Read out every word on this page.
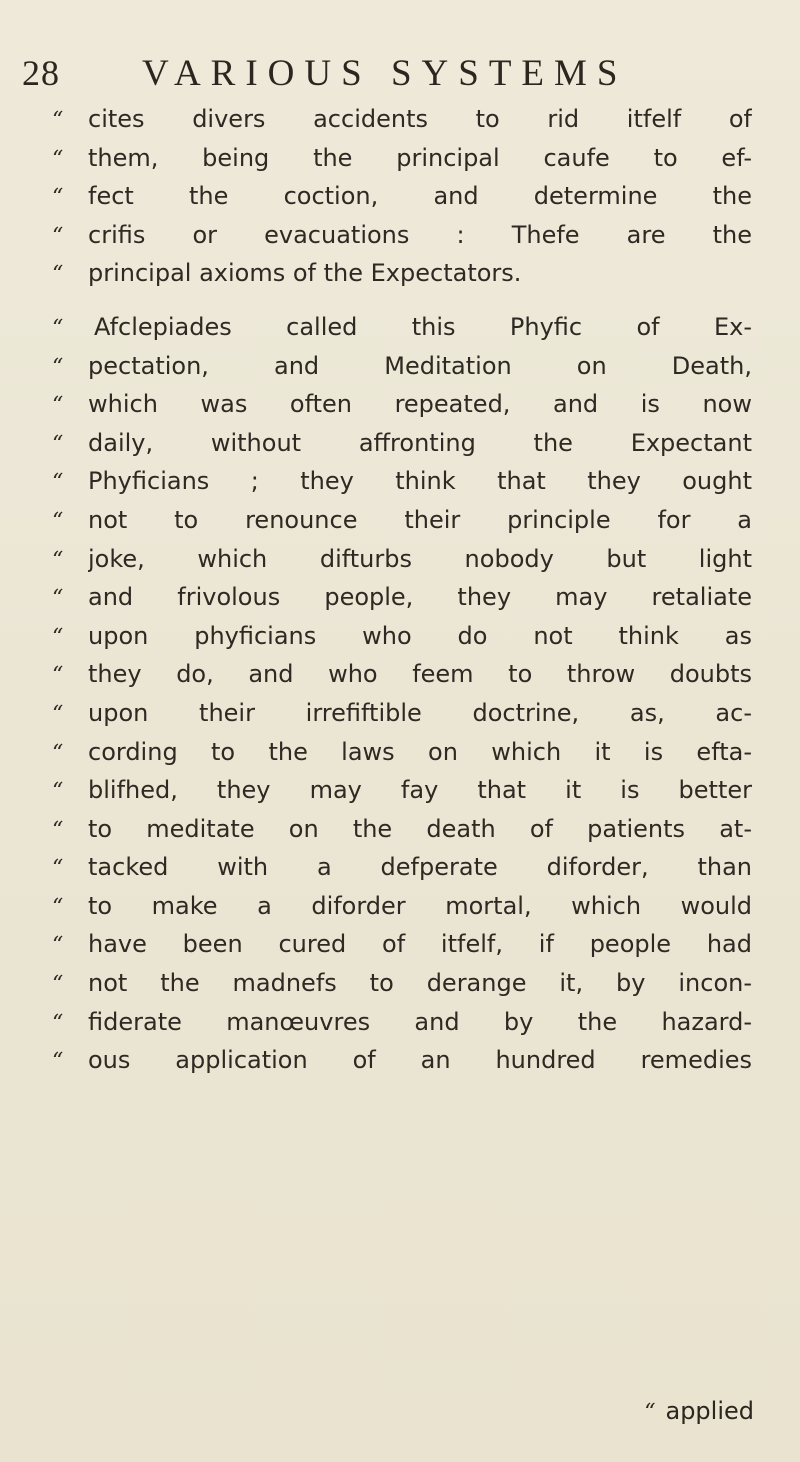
28 VARIOUS SYSTEMS
“	cites divers accidents to rid itfelf of
“	them, being the principal caufe to ef-
“	fect the coction, and determine the
“	crifis or evacuations : Thefe are the
“	principal axioms of the Expectators.
“	Afclepiades called this Phyfic of Ex-
“	pectation, and Meditation on Death,
“	which was often repeated, and is now
“	daily, without affronting the Expectant
“	Phyficians ; they think that they ought
“	not to renounce their principle for a
“	joke, which difturbs nobody but light
“	and frivolous people, they may retaliate
“	upon phyficians who do not think as
“	they do, and who feem to throw doubts
“	upon their irrefiftible doctrine, as, ac-
“	cording to the laws on which it is efta-
“	blifhed, they may fay that it is better
“	to meditate on the death of patients at-
“	tacked with a defperate diforder, than
“	to make a diforder mortal, which would
“	have been cured of itfelf, if people had
“	not the madnefs to derange it, by incon-
“	fiderate manœuvres and by the hazard-
“	ous application of an hundred remedies
“ applied
